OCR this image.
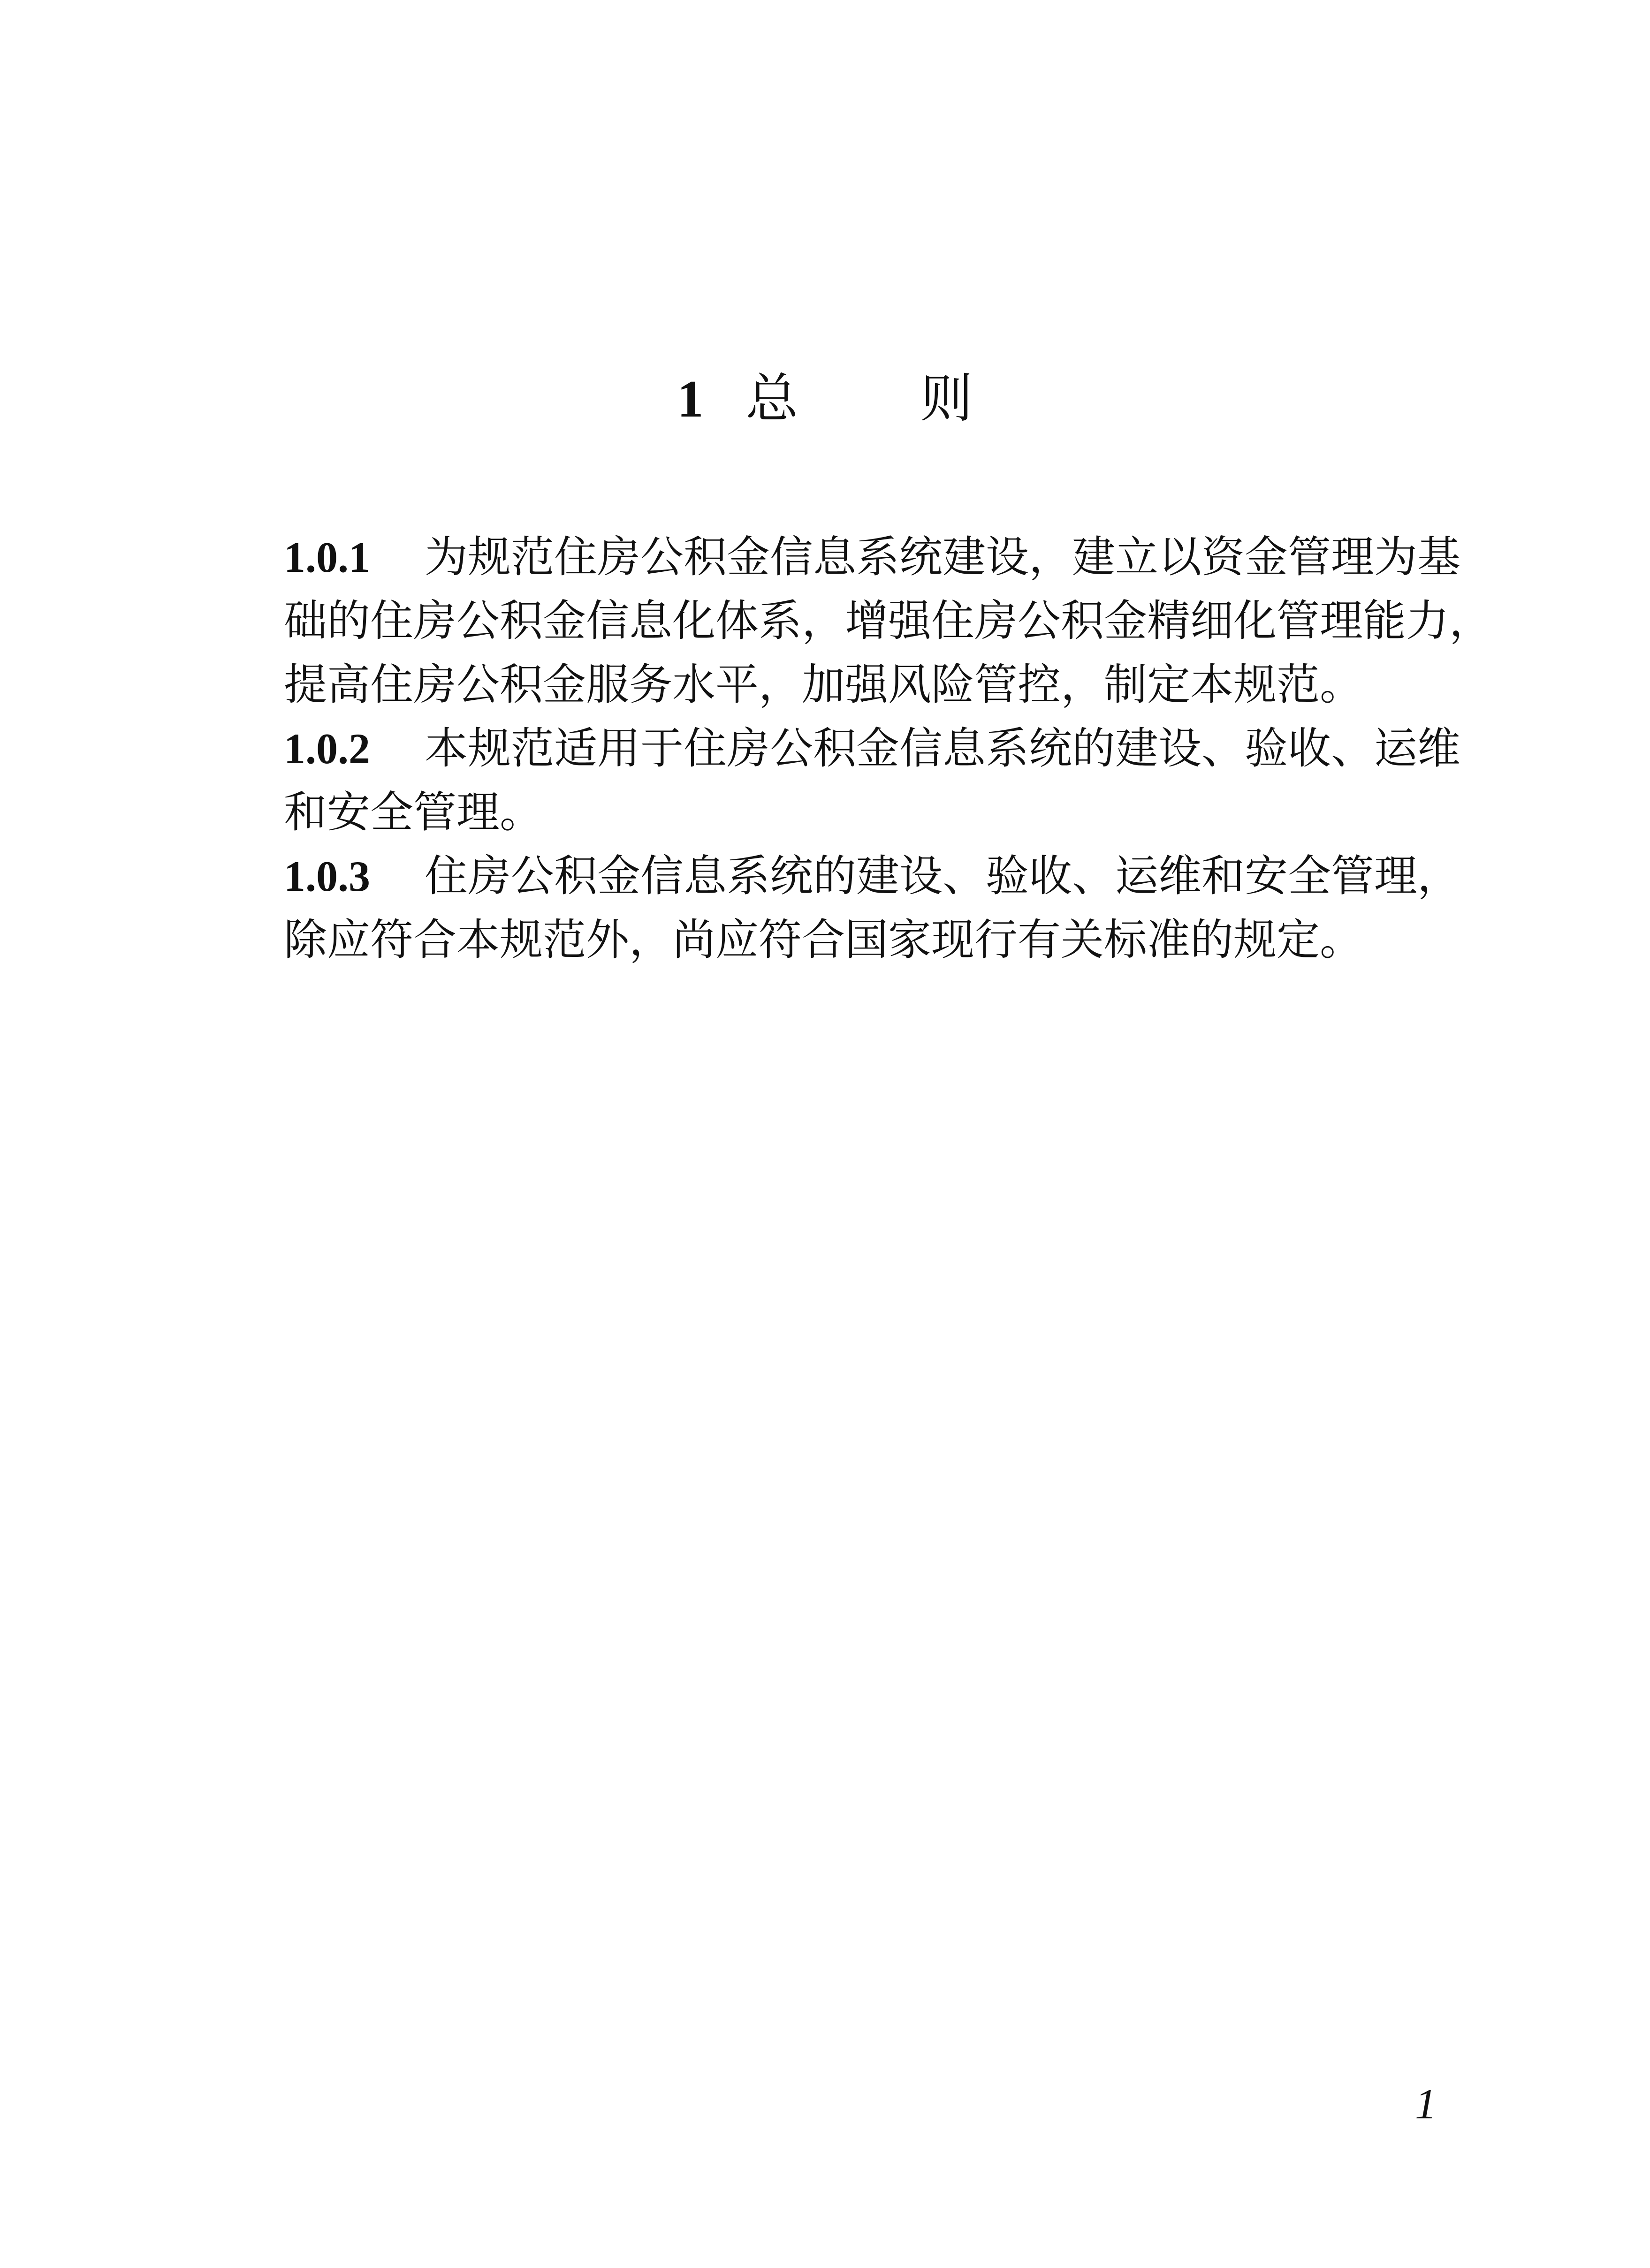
1 总 则
1.0.1 为规范住房公积金信息系统建设，建立以资金管理为基
础的住房公积金信息化体系，增强住房公积金精细化管理能力，
提高住房公积金服务水平，加强风险管控，制定本规范。
1.0.2 本规范适用于住房公积金信息系统的建设、验收、运维
和安全管理。
1.0.3 住房公积金信息系统的建设、验收、运维和安全管理，
除应符合本规范外，尚应符合国家现行有关标准的规定。
1
